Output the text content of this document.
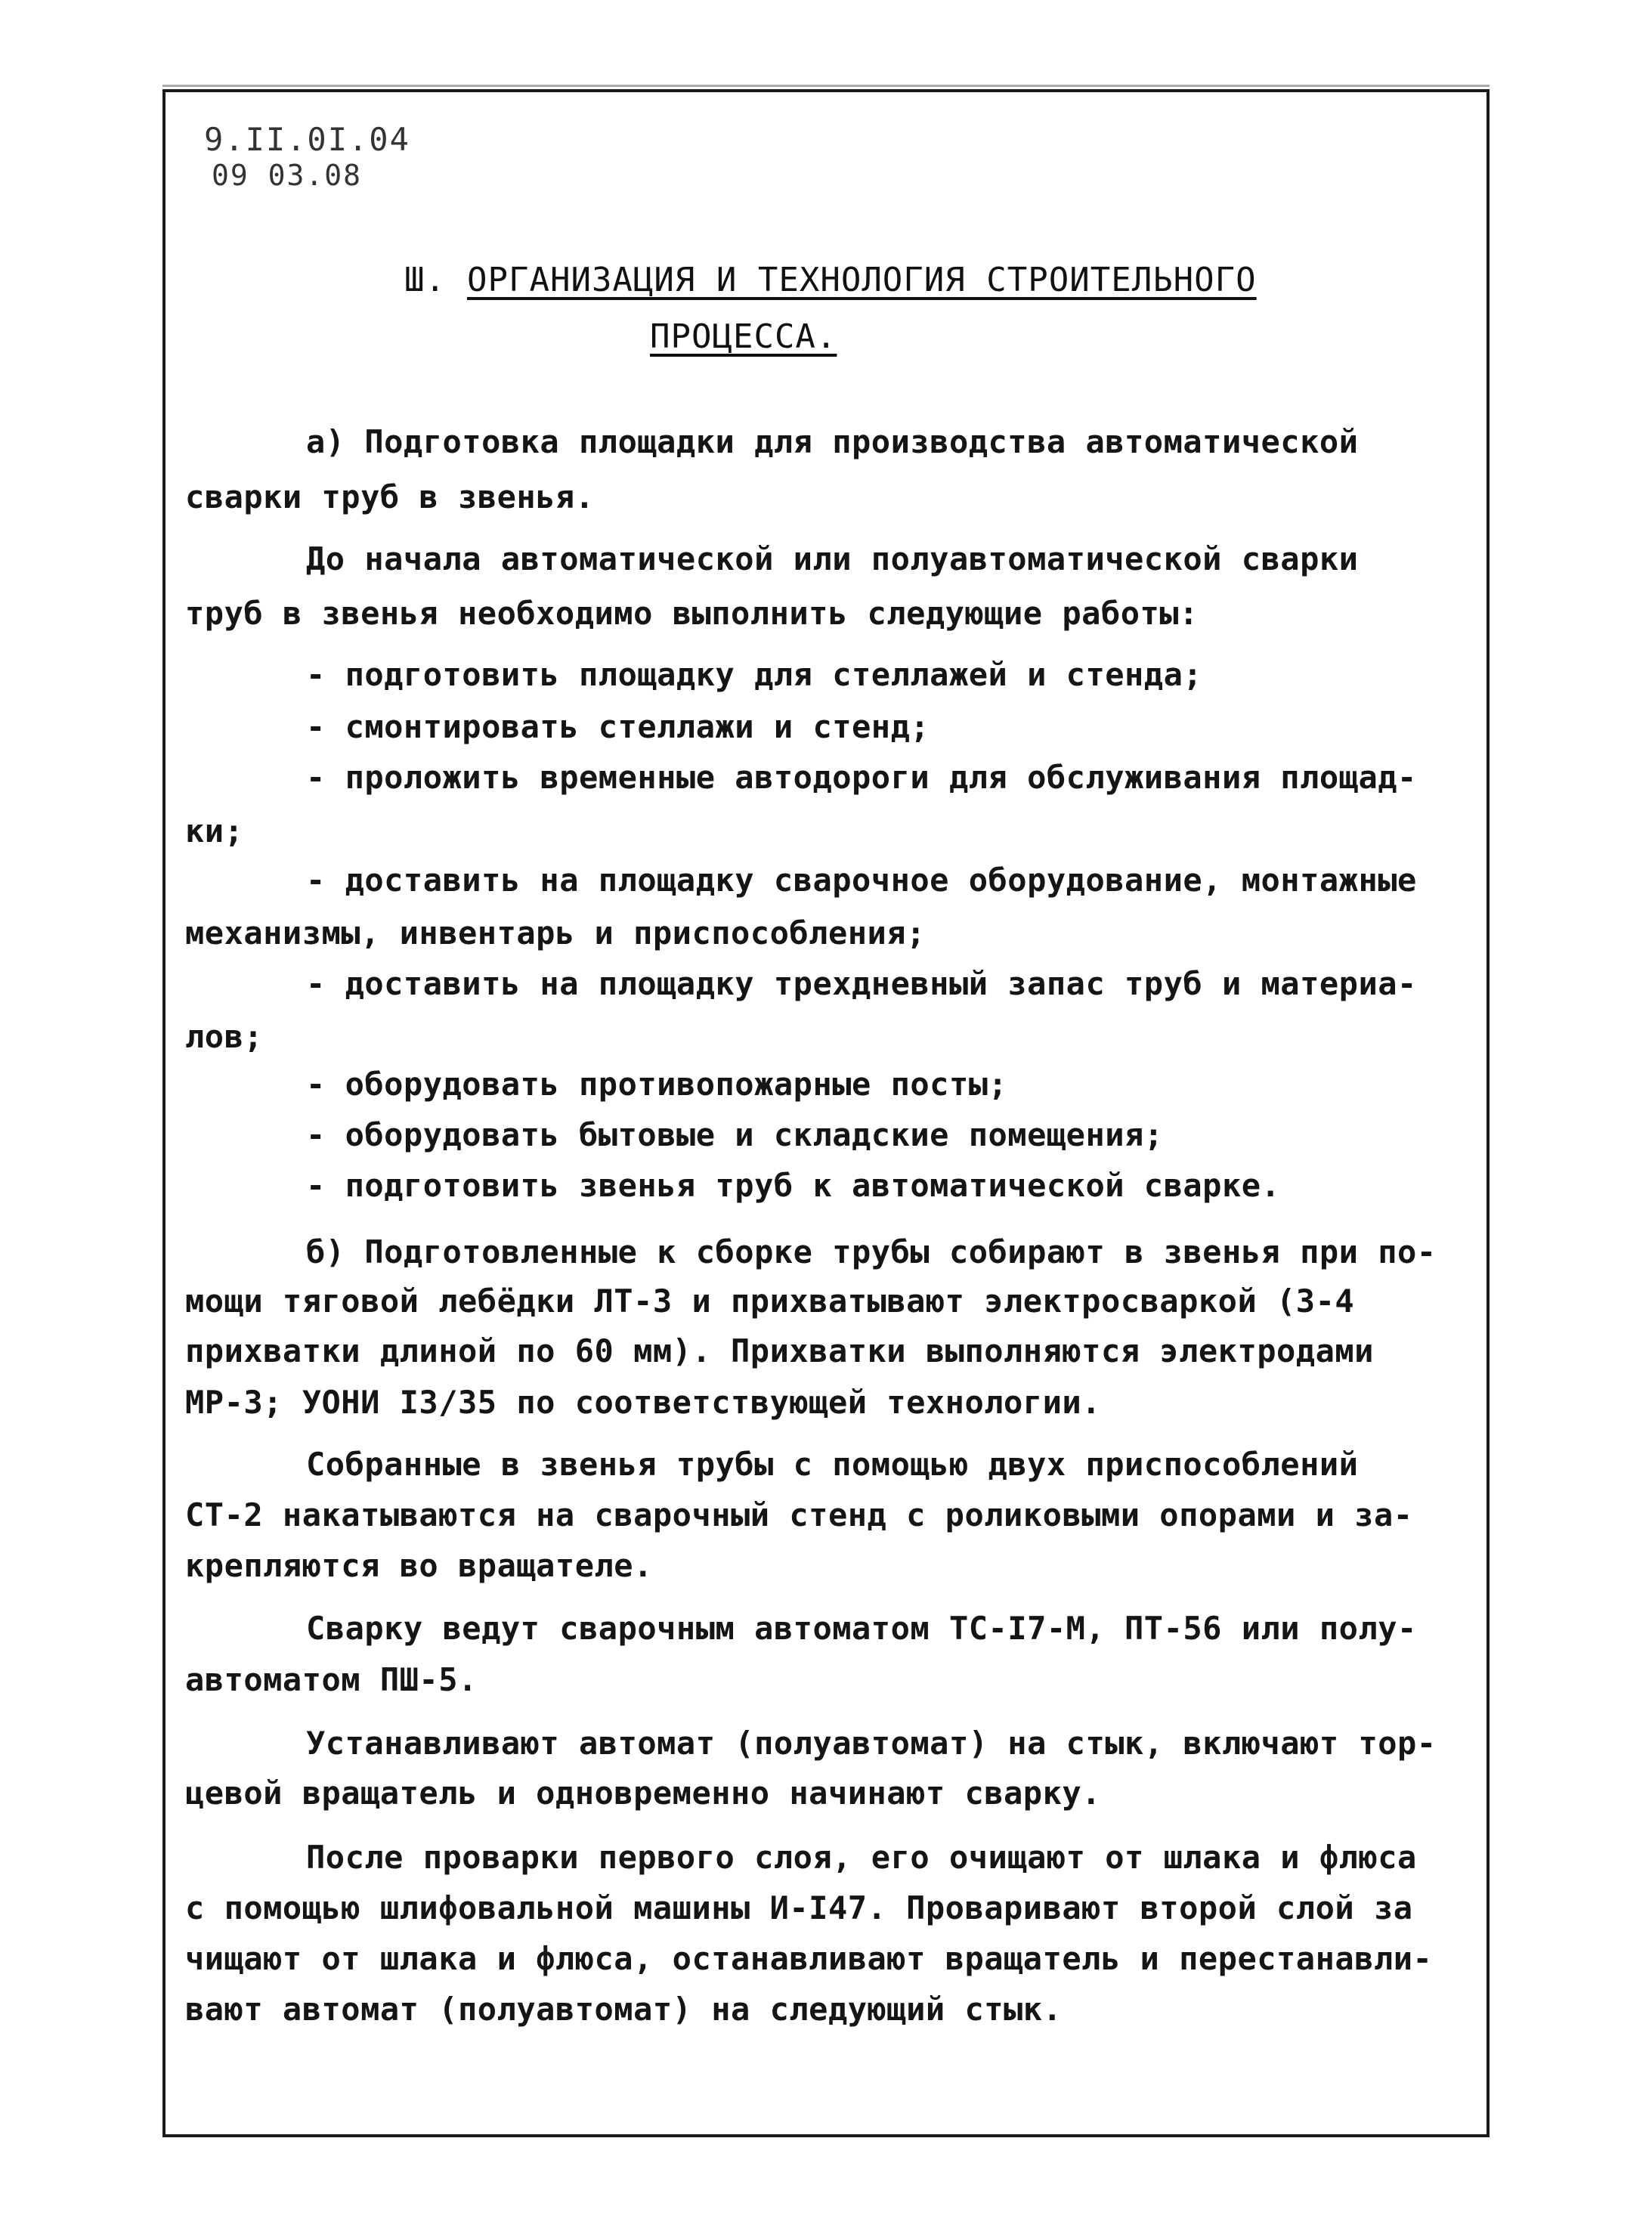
9.II.0I.04
09 03.08
Ш. ОРГАНИЗАЦИЯ И ТЕХНОЛОГИЯ СТРОИТЕЛЬНОГО
ПРОЦЕССА.
а) Подготовка площадки для производства автоматической
сварки труб в звенья.
До начала автоматической или полуавтоматической сварки
труб в звенья необходимо выполнить следующие работы:
- подготовить площадку для стеллажей и стенда;
- смонтировать стеллажи и стенд;
- проложить временные автодороги для обслуживания площад-
ки;
- доставить на площадку сварочное оборудование, монтажные
механизмы, инвентарь и приспособления;
- доставить на площадку трехдневный запас труб и материа-
лов;
- оборудовать противопожарные посты;
- оборудовать бытовые и складские помещения;
- подготовить звенья труб к автоматической сварке.
б) Подготовленные к сборке трубы собирают в звенья при по-
мощи тяговой лебёдки ЛТ-3 и прихватывают электросваркой (3-4
прихватки длиной по 60 мм). Прихватки выполняются электродами
МР-3; УОНИ I3/35 по соответствующей технологии.
Собранные в звенья трубы с помощью двух приспособлений
СТ-2 накатываются на сварочный стенд с роликовыми опорами и за-
крепляются во вращателе.
Сварку ведут сварочным автоматом ТС-I7-М, ПТ-56 или полу-
автоматом ПШ-5.
Устанавливают автомат (полуавтомат) на стык, включают тор-
цевой вращатель и одновременно начинают сварку.
После проварки первого слоя, его очищают от шлака и флюса
с помощью шлифовальной машины И-I47. Проваривают второй слой за
чищают от шлака и флюса, останавливают вращатель и перестанавли-
вают автомат (полуавтомат) на следующий стык.
